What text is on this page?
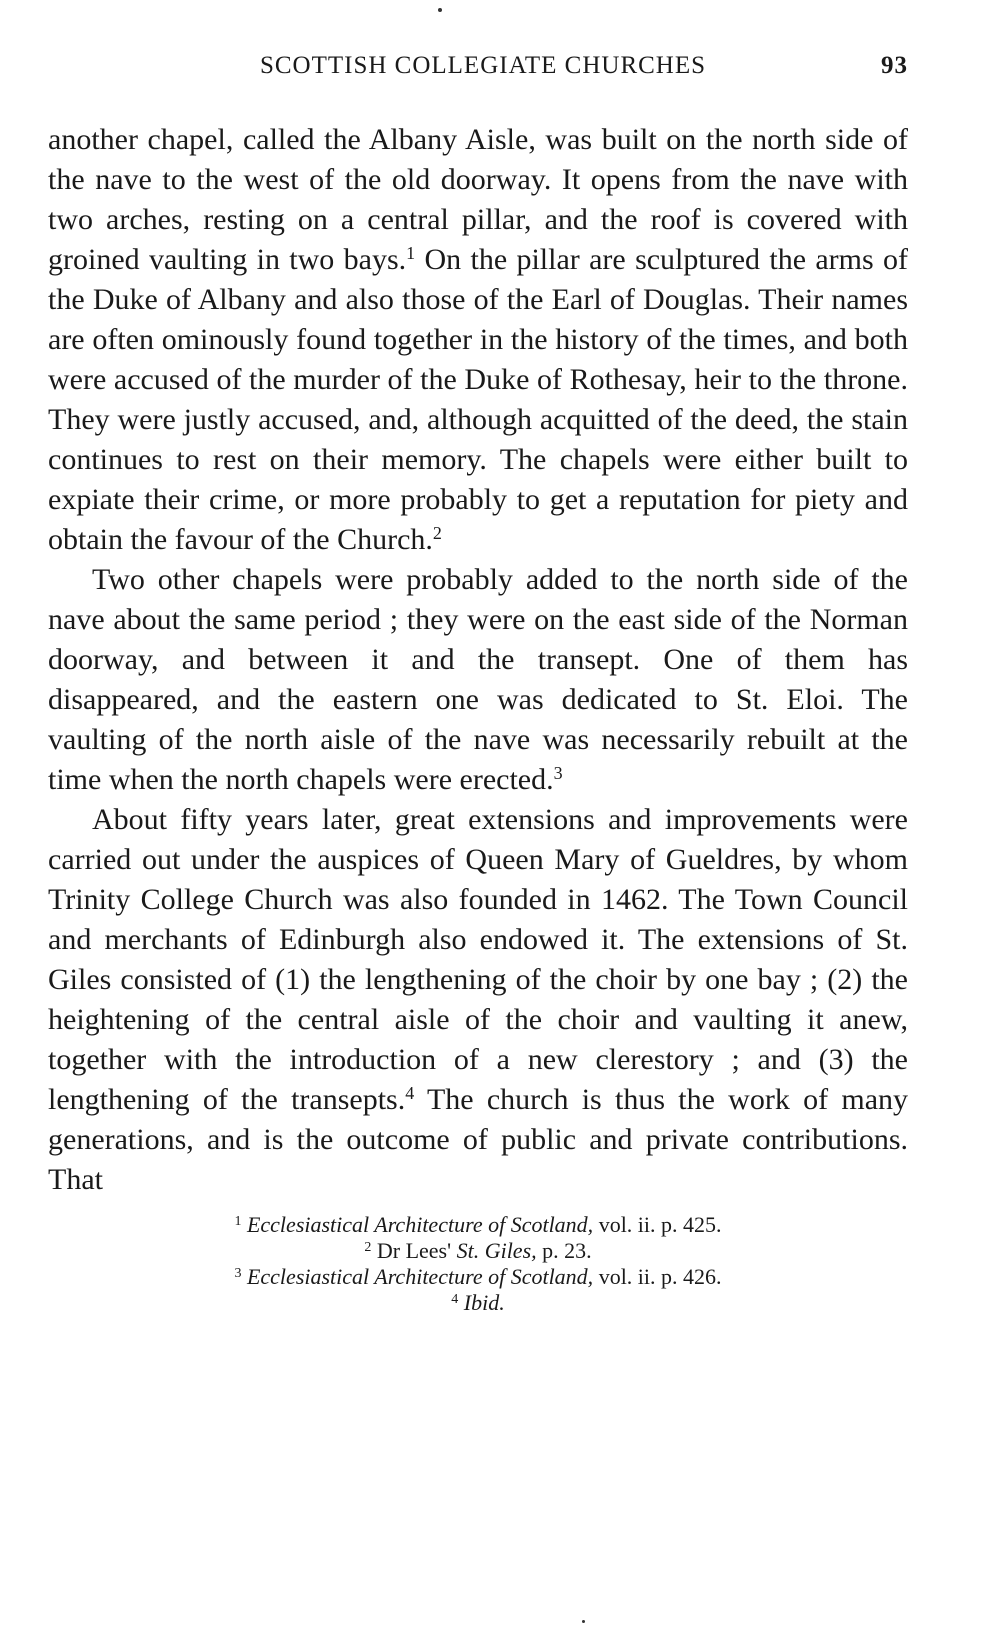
SCOTTISH COLLEGIATE CHURCHES	93

another chapel, called the Albany Aisle, was built on the north side of the nave to the west of the old doorway. It opens from the nave with two arches, resting on a central pillar, and the roof is covered with groined vaulting in two bays.$^1$ On the pillar are sculptured the arms of the Duke of Albany and also those of the Earl of Douglas. Their names are often ominously found together in the history of the times, and both were accused of the murder of the Duke of Rothesay, heir to the throne. They were justly accused, and, although acquitted of the deed, the stain continues to rest on their memory. The chapels were either built to expiate their crime, or more probably to get a reputation for piety and obtain the favour of the Church.$^2$

Two other chapels were probably added to the north side of the nave about the same period ; they were on the east side of the Norman doorway, and between it and the transept. One of them has disappeared, and the eastern one was dedicated to St. Eloi. The vaulting of the north aisle of the nave was necessarily rebuilt at the time when the north chapels were erected.$^3$

About fifty years later, great extensions and improvements were carried out under the auspices of Queen Mary of Gueldres, by whom Trinity College Church was also founded in 1462. The Town Council and merchants of Edinburgh also endowed it. The extensions of St. Giles consisted of (1) the lengthening of the choir by one bay ; (2) the heightening of the central aisle of the choir and vaulting it anew, together with the introduction of a new clerestory ; and (3) the lengthening of the transepts.$^4$ The church is thus the work of many generations, and is the outcome of public and private contributions. That

$^1$ Ecclesiastical Architecture of Scotland, vol. ii. p. 425.
$^2$ Dr Lees' St. Giles, p. 23.
$^3$ Ecclesiastical Architecture of Scotland, vol. ii. p. 426.
$^4$ Ibid.
